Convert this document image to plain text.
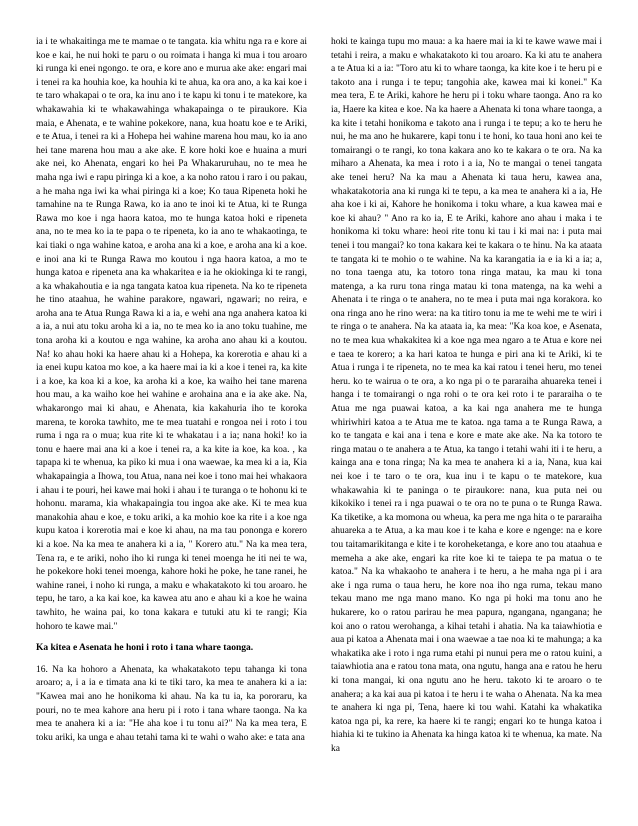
ia i te whakaitinga me te mamae o te tangata. kia whitu nga ra e kore ai koe e kai, he nui hoki te paru o ou roimata i hanga ki mua i tou aroaro ki runga ki enei ngongo. te ora, e kore ano e murua ake ake: engari mai i tenei ra ka houhia koe, ka houhia ki te ahua, ka ora ano, a ka kai koe i te taro whakapai o te ora, ka inu ano i te kapu ki tonu i te matekore, ka whakawahia ki te whakawahinga whakapainga o te piraukore. Kia maia, e Ahenata, e te wahine pokekore, nana, kua hoatu koe e te Ariki, e te Atua, i tenei ra ki a Hohepa hei wahine marena hou mau, ko ia ano hei tane marena hou mau a ake ake. E kore hoki koe e huaina a muri ake nei, ko Ahenata, engari ko hei Pa Whakaruruhau, no te mea he maha nga iwi e rapu piringa ki a koe, a ka noho ratou i raro i ou pakau, a he maha nga iwi ka whai piringa ki a koe; Ko taua Ripeneta hoki he tamahine na te Runga Rawa, ko ia ano te inoi ki te Atua, ki te Runga Rawa mo koe i nga haora katoa, mo te hunga katoa hoki e ripeneta ana, no te mea ko ia te papa o te ripeneta, ko ia ano te whakaotinga, te kai tiaki o nga wahine katoa, e aroha ana ki a koe, e aroha ana ki a koe. e inoi ana ki te Runga Rawa mo koutou i nga haora katoa, a mo te hunga katoa e ripeneta ana ka whakaritea e ia he okiokinga ki te rangi, a ka whakahoutia e ia nga tangata katoa kua ripeneta. Na ko te ripeneta he tino ataahua, he wahine parakore, ngawari, ngawari; no reira, e aroha ana te Atua Runga Rawa ki a ia, e wehi ana nga anahera katoa ki a ia, a nui atu toku aroha ki a ia, no te mea ko ia ano toku tuahine, me tona aroha ki a koutou e nga wahine, ka aroha ano ahau ki a koutou. Na! ko ahau hoki ka haere ahau ki a Hohepa, ka korerotia e ahau ki a ia enei kupu katoa mo koe, a ka haere mai ia ki a koe i tenei ra, ka kite i a koe, ka koa ki a koe, ka aroha ki a koe, ka waiho hei tane marena hou mau, a ka waiho koe hei wahine e arohaina ana e ia ake ake. Na, whakarongo mai ki ahau, e Ahenata, kia kakahuria iho te koroka marena, te koroka tawhito, me te mea tuatahi e rongoa nei i roto i tou ruma i nga ra o mua; kua rite ki te whakatau i a ia; nana hoki! ko ia tonu e haere mai ana ki a koe i tenei ra, a ka kite ia koe, ka koa. , ka tapapa ki te whenua, ka piko ki mua i ona waewae, ka mea ki a ia, Kia whakapaingia a Ihowa, tou Atua, nana nei koe i tono mai hei whakaora i ahau i te pouri, hei kawe mai hoki i ahau i te turanga o te hohonu ki te hohonu. marama, kia whakapaingia tou ingoa ake ake. Ki te mea kua manakohia ahau e koe, e toku ariki, a ka mohio koe ka rite i a koe nga kupu katoa i korerotia mai e koe ki ahau, na ma tau pononga e korero ki a koe. Na ka mea te anahera ki a ia, " Korero atu." Na ka mea tera, Tena ra, e te ariki, noho iho ki runga ki tenei moenga he iti nei te wa, he pokekore hoki tenei moenga, kahore hoki he poke, he tane ranei, he wahine ranei, i noho ki runga, a maku e whakatakoto ki tou aroaro. he tepu, he taro, a ka kai koe, ka kawea atu ano e ahau ki a koe he waina tawhito, he waina pai, ko tona kakara e tutuki atu ki te rangi; Kia hohoro te kawe mai."

Ka kitea e Asenata he honi i roto i tana whare taonga.

16. Na ka hohoro a Ahenata, ka whakatakoto tepu tahanga ki tona aroaro; a, i a ia e timata ana ki te tiki taro, ka mea te anahera ki a ia: "Kawea mai ano he honikoma ki ahau. Na ka tu ia, ka pororaru, ka pouri, no te mea kahore ana heru pi i roto i tana whare taonga. Na ka mea te anahera ki a ia: "He aha koe i tu tonu ai?" Na ka mea tera, E toku ariki, ka unga e ahau tetahi tama ki te wahi o waho ake: e tata ana

hoki te kainga tupu mo maua: a ka haere mai ia ki te kawe wawe mai i tetahi i reira, a maku e whakatakoto ki tou aroaro. Ka ki atu te anahera a te Atua ki a ia: "Toro atu ki to whare taonga, ka kite koe i te heru pi e takoto ana i runga i te tepu; tangohia ake, kawea mai ki konei." Ka mea tera, E te Ariki, kahore he heru pi i toku whare taonga. Ano ra ko ia, Haere ka kitea e koe. Na ka haere a Ahenata ki tona whare taonga, a ka kite i tetahi honikoma e takoto ana i runga i te tepu; a ko te heru he nui, he ma ano he hukarere, kapi tonu i te honi, ko taua honi ano kei te tomairangi o te rangi, ko tona kakara ano ko te kakara o te ora. Na ka miharo a Ahenata, ka mea i roto i a ia, No te mangai o tenei tangata ake tenei heru? Na ka mau a Ahenata ki taua heru, kawea ana, whakatakotoria ana ki runga ki te tepu, a ka mea te anahera ki a ia, He aha koe i ki ai, Kahore he honikoma i toku whare, a kua kawea mai e koe ki ahau? " Ano ra ko ia, E te Ariki, kahore ano ahau i maka i te honikoma ki toku whare: heoi rite tonu ki tau i ki mai na: i puta mai tenei i tou mangai? ko tona kakara kei te kakara o te hinu. Na ka ataata te tangata ki te mohio o te wahine. Na ka karangatia ia e ia ki a ia; a, no tona taenga atu, ka totoro tona ringa matau, ka mau ki tona matenga, a ka ruru tona ringa matau ki tona matenga, na ka wehi a Ahenata i te ringa o te anahera, no te mea i puta mai nga korakora. ko ona ringa ano he rino wera: na ka titiro tonu ia me te wehi me te wiri i te ringa o te anahera. Na ka ataata ia, ka mea: "Ka koa koe, e Asenata, no te mea kua whakakitea ki a koe nga mea ngaro a te Atua e kore nei e taea te korero; a ka hari katoa te hunga e piri ana ki te Ariki, ki te Atua i runga i te ripeneta, no te mea ka kai ratou i tenei heru, mo tenei heru. ko te wairua o te ora, a ko nga pi o te pararaiha ahuareka tenei i hanga i te tomairangi o nga rohi o te ora kei roto i te pararaiha o te Atua me nga puawai katoa, a ka kai nga anahera me te hunga whiriwhiri katoa a te Atua me te katoa. nga tama a te Runga Rawa, a ko te tangata e kai ana i tena e kore e mate ake ake. Na ka totoro te ringa matau o te anahera a te Atua, ka tango i tetahi wahi iti i te heru, a kainga ana e tona ringa; Na ka mea te anahera ki a ia, Nana, kua kai nei koe i te taro o te ora, kua inu i te kapu o te matekore, kua whakawahia ki te paninga o te piraukore: nana, kua puta nei ou kikokiko i tenei ra i nga puawai o te ora no te puna o te Runga Rawa. Ka tiketike, a ka momona ou wheua, ka pera me nga hita o te pararaiha ahuareka a te Atua, a ka mau koe i te kaha e kore e ngenge: na e kore tou taitamarikitanga e kite i te koroheketanga, e kore ano tou ataahua e memeha a ake ake, engari ka rite koe ki te taiepa te pa matua o te katoa." Na ka whakaoho te anahera i te heru, a he maha nga pi i ara ake i nga ruma o taua heru, he kore noa iho nga ruma, tekau mano tekau mano me nga mano mano. Ko nga pi hoki ma tonu ano he hukarere, ko o ratou parirau he mea papura, ngangana, ngangana; he koi ano o ratou werohanga, a kihai tetahi i ahatia. Na ka taiawhiotia e aua pi katoa a Ahenata mai i ona waewae a tae noa ki te mahunga; a ka whakatika ake i roto i nga ruma etahi pi nunui pera me o ratou kuini, a taiawhiotia ana e ratou tona mata, ona ngutu, hanga ana e ratou he heru ki tona mangai, ki ona ngutu ano he heru. takoto ki te aroaro o te anahera; a ka kai aua pi katoa i te heru i te waha o Ahenata. Na ka mea te anahera ki nga pi, Tena, haere ki tou wahi. Katahi ka whakatika katoa nga pi, ka rere, ka haere ki te rangi; engari ko te hunga katoa i hiahia ki te tukino ia Ahenata ka hinga katoa ki te whenua, ka mate. Na ka
